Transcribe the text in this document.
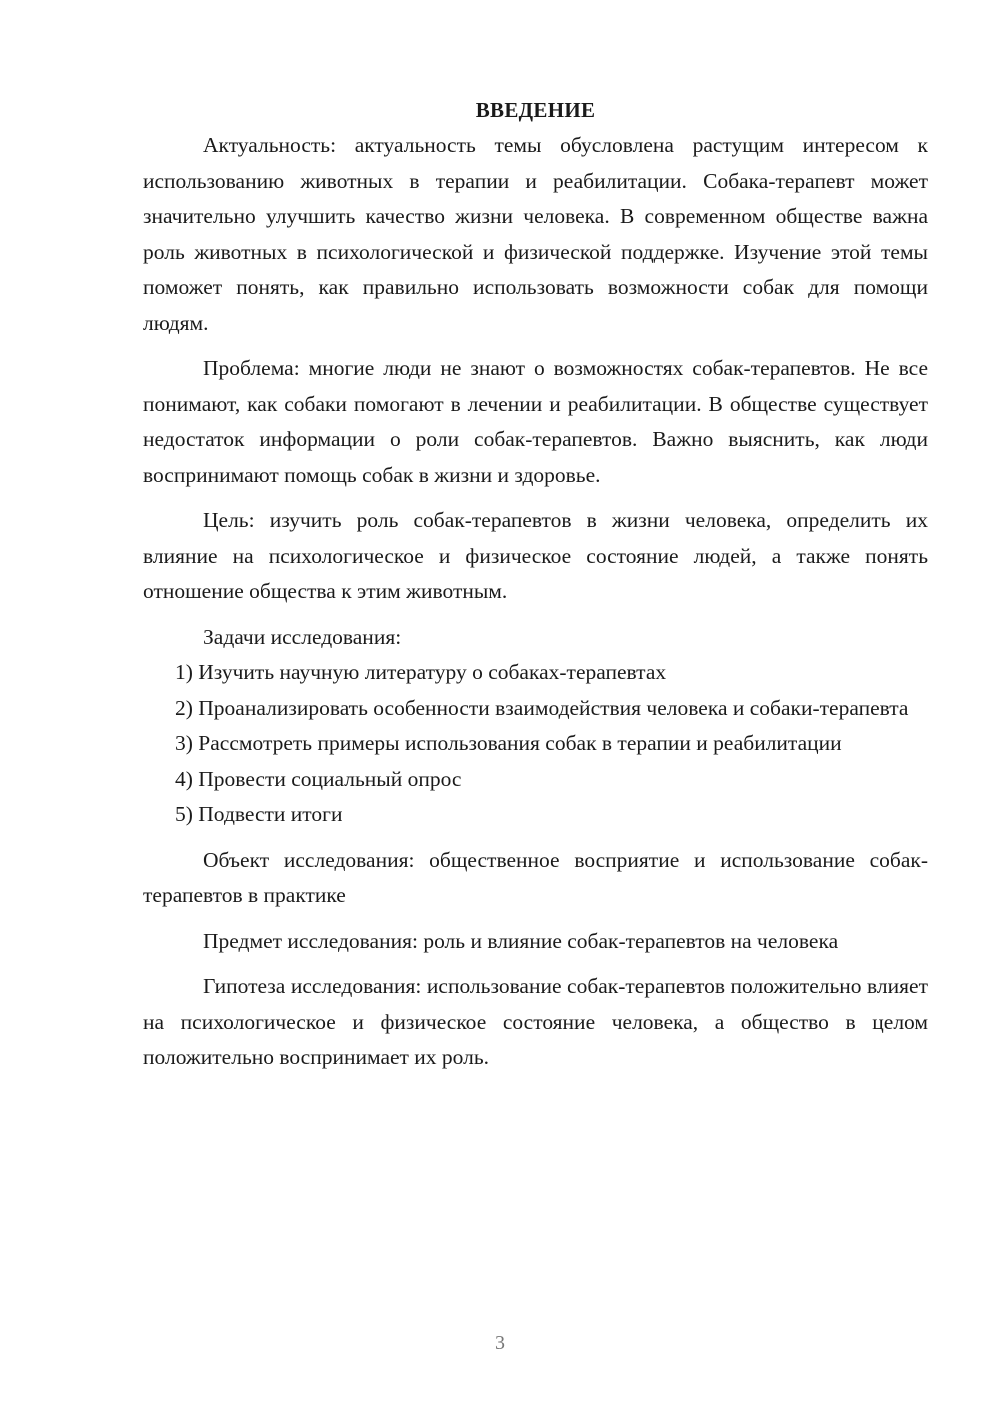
ВВЕДЕНИЕ

Актуальность: актуальность темы обусловлена растущим интересом к использованию животных в терапии и реабилитации. Собака-терапевт может значительно улучшить качество жизни человека. В современном обществе важна роль животных в психологической и физической поддержке. Изучение этой темы поможет понять, как правильно использовать возможности собак для помощи людям.

Проблема: многие люди не знают о возможностях собак-терапевтов. Не все понимают, как собаки помогают в лечении и реабилитации. В обществе существует недостаток информации о роли собак-терапевтов. Важно выяснить, как люди воспринимают помощь собак в жизни и здоровье.

Цель: изучить роль собак-терапевтов в жизни человека, определить их влияние на психологическое и физическое состояние людей, а также понять отношение общества к этим животным.

Задачи исследования:

1) Изучить научную литературу о собаках-терапевтах

2) Проанализировать особенности взаимодействия человека и собаки-терапевта

3) Рассмотреть примеры использования собак в терапии и реабилитации

4) Провести социальный опрос

5) Подвести итоги

Объект исследования: общественное восприятие и использование собак-терапевтов в практике

Предмет исследования: роль и влияние собак-терапевтов на человека

Гипотеза исследования: использование собак-терапевтов положительно влияет на психологическое и физическое состояние человека, а общество в целом положительно воспринимает их роль.

3
